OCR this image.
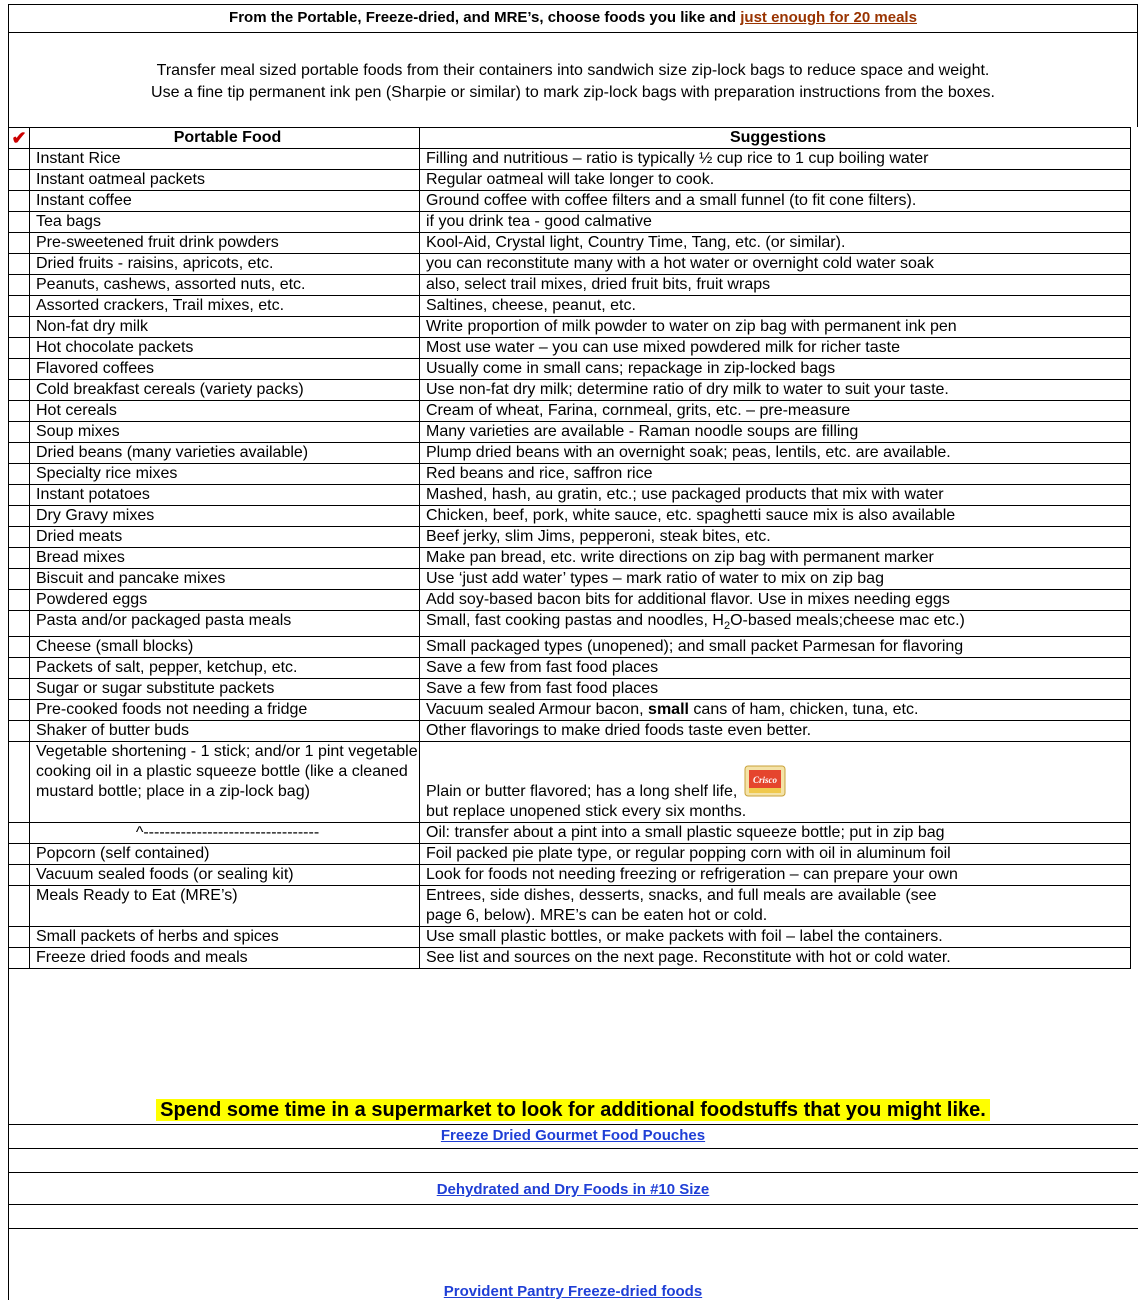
From the Portable, Freeze-dried, and MRE’s, choose foods you like and just enough for 20 meals
Transfer meal sized portable foods from their containers into sandwich size zip-lock bags to reduce space and weight.
Use a fine tip permanent ink pen (Sharpie or similar) to mark zip-lock bags with preparation instructions from the boxes.
✔	Portable Food	Suggestions
	Instant Rice	Filling and nutritious – ratio is typically ½ cup rice to 1 cup boiling water
	Instant oatmeal packets	Regular oatmeal will take longer to cook.
	Instant coffee	Ground coffee with coffee filters and a small funnel (to fit cone filters).
	Tea bags	if you drink tea - good calmative
	Pre-sweetened fruit drink powders	Kool-Aid, Crystal light, Country Time, Tang, etc. (or similar).
	Dried fruits - raisins, apricots, etc.	you can reconstitute many with a hot water or overnight cold water soak
	Peanuts, cashews, assorted nuts, etc.	also, select trail mixes, dried fruit bits, fruit wraps
	Assorted crackers, Trail mixes, etc.	Saltines, cheese, peanut, etc.
	Non-fat dry milk	Write proportion of milk powder to water on zip bag with permanent ink pen
	Hot chocolate packets	Most use water – you can use mixed powdered milk for richer taste
	Flavored coffees	Usually come in small cans; repackage in zip-locked bags
	Cold breakfast cereals (variety packs)	Use non-fat dry milk; determine ratio of dry milk to water to suit your taste.
	Hot cereals	Cream of wheat, Farina, cornmeal, grits, etc. – pre-measure
	Soup mixes	Many varieties are available - Raman noodle soups are filling
	Dried beans (many varieties available)	Plump dried beans with an overnight soak; peas, lentils, etc. are available.
	Specialty rice mixes	Red beans and rice, saffron rice
	Instant potatoes	Mashed, hash, au gratin, etc.; use packaged products that mix with water
	Dry Gravy mixes	Chicken, beef, pork, white sauce, etc. spaghetti sauce mix is also available
	Dried meats	Beef jerky, slim Jims, pepperoni, steak bites, etc.
	Bread mixes	Make pan bread, etc. write directions on zip bag with permanent marker
	Biscuit and pancake mixes	Use ‘just add water’ types – mark ratio of water to mix on zip bag
	Powdered eggs	Add soy-based bacon bits for additional flavor. Use in mixes needing eggs
	Pasta and/or packaged pasta meals	Small, fast cooking pastas and noodles, $H_2O$-based meals;cheese mac etc.)
	Cheese (small blocks)	Small packaged types (unopened); and small packet Parmesan for flavoring
	Packets of salt, pepper, ketchup, etc.	Save a few from fast food places
	Sugar or sugar substitute packets	Save a few from fast food places
	Pre-cooked foods not needing a fridge	Vacuum sealed Armour bacon, small cans of ham, chicken, tuna, etc.
	Shaker of butter buds	Other flavorings to make dried foods taste even better.
	Vegetable shortening - 1 stick; and/or 1 pint vegetable cooking oil in a plastic squeeze bottle (like a cleaned mustard bottle; place in a zip-lock bag)	Plain or butter flavored; has a long shelf life,
Crisco
but replace unopened stick every six months.

	^---------------------------------	Oil: transfer about a pint into a small plastic squeeze bottle; put in zip bag
	Popcorn (self contained)	Foil packed pie plate type, or regular popping corn with oil in aluminum foil
	Vacuum sealed foods (or sealing kit)	Look for foods not needing freezing or refrigeration – can prepare your own
	Meals Ready to Eat (MRE’s)	Entrees, side dishes, desserts, snacks, and full meals are available (see
page 6, below). MRE’s can be eaten hot or cold.

	Small packets of herbs and spices	Use small plastic bottles, or make packets with foil – label the containers.
	Freeze dried foods and meals	See list and sources on the next page. Reconstitute with hot or cold water.
Spend some time in a supermarket to look for additional foodstuffs that you might like.
Freeze Dried Gourmet Food Pouches
Dehydrated and Dry Foods in #10 Size
Provident Pantry Freeze-dried foods
